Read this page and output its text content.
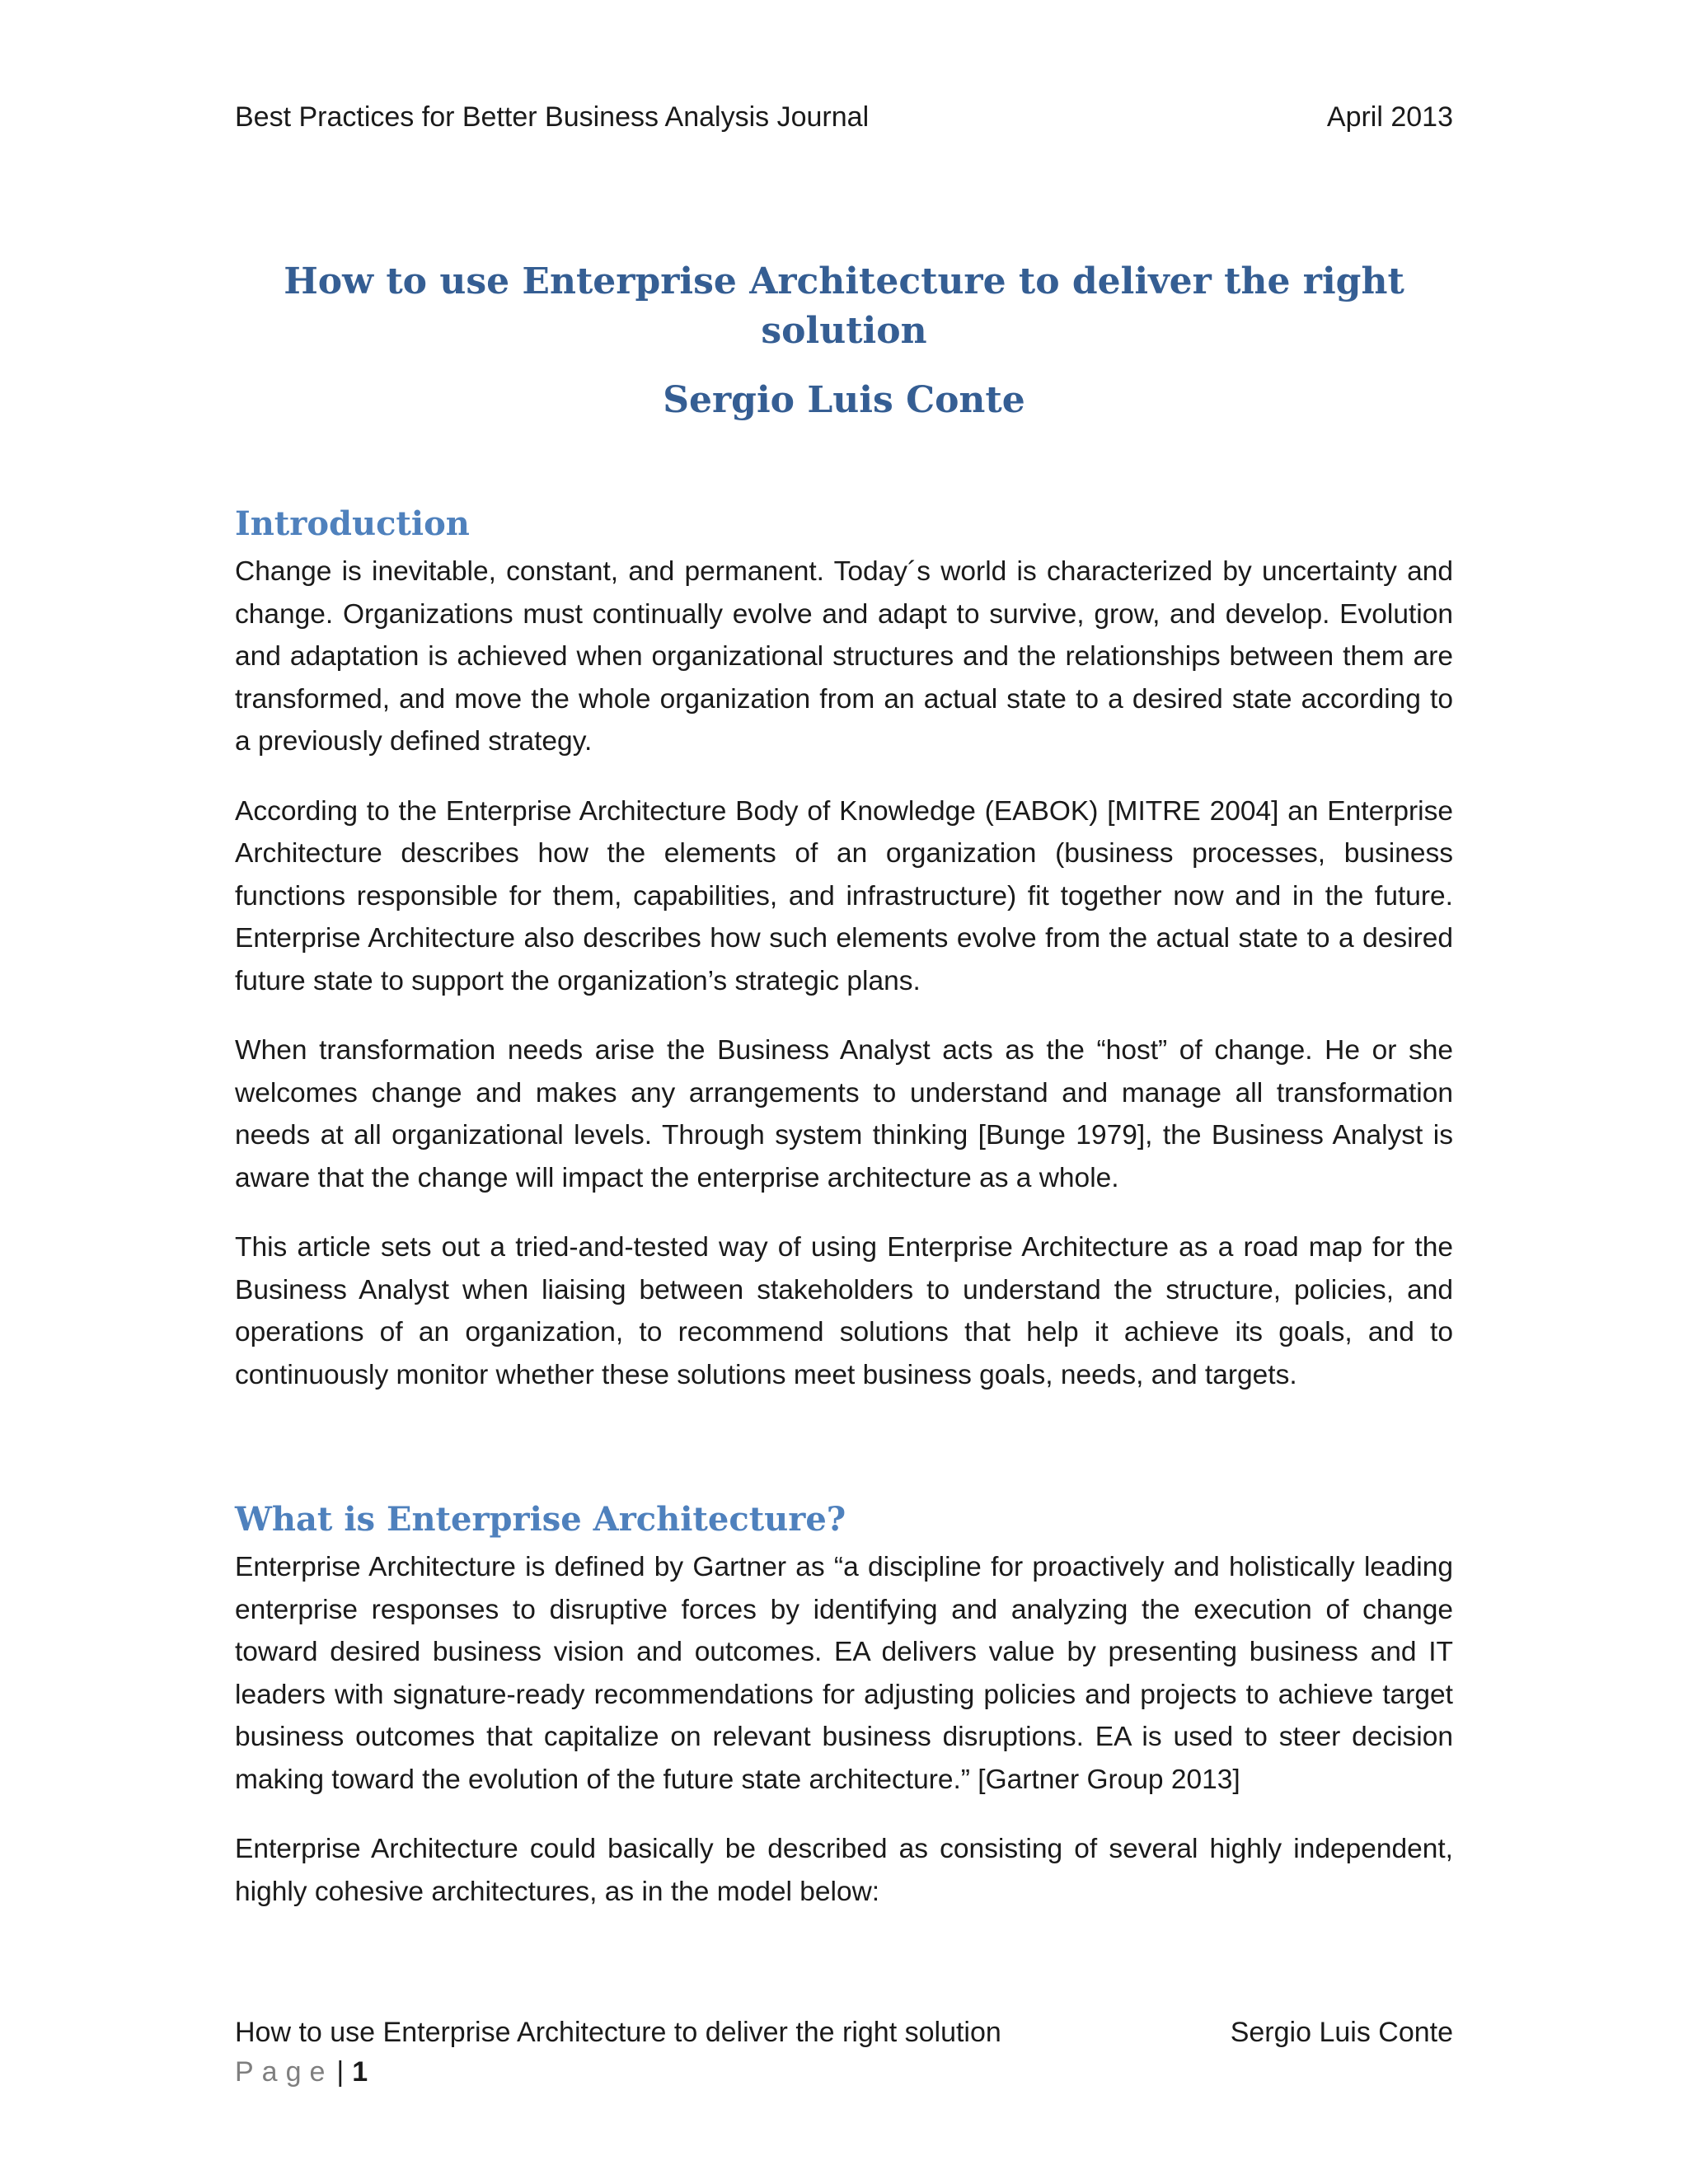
Best Practices for Better Business Analysis Journal	April 2013
How to use Enterprise Architecture to deliver the right solution
Sergio Luis Conte
Introduction

Change is inevitable, constant, and permanent. Today´s world is characterized by uncertainty and change. Organizations must continually evolve and adapt to survive, grow, and develop. Evolution and adaptation is achieved when organizational structures and the relationships between them are transformed, and move the whole organization from an actual state to a desired state according to a previously defined strategy.

According to the Enterprise Architecture Body of Knowledge (EABOK) [MITRE 2004] an Enterprise Architecture describes how the elements of an organization (business processes, business functions responsible for them, capabilities, and infrastructure) fit together now and in the future. Enterprise Architecture also describes how such elements evolve from the actual state to a desired future state to support the organization’s strategic plans.

When transformation needs arise the Business Analyst acts as the “host” of change. He or she welcomes change and makes any arrangements to understand and manage all transformation needs at all organizational levels. Through system thinking [Bunge 1979], the Business Analyst is aware that the change will impact the enterprise architecture as a whole.

This article sets out a tried-and-tested way of using Enterprise Architecture as a road map for the Business Analyst when liaising between stakeholders to understand the structure, policies, and operations of an organization, to recommend solutions that help it achieve its goals, and to continuously monitor whether these solutions meet business goals, needs, and targets.

What is Enterprise Architecture?

Enterprise Architecture is defined by Gartner as “a discipline for proactively and holistically leading enterprise responses to disruptive forces by identifying and analyzing the execution of change toward desired business vision and outcomes. EA delivers value by presenting business and IT leaders with signature-ready recommendations for adjusting policies and projects to achieve target business outcomes that capitalize on relevant business disruptions. EA is used to steer decision making toward the evolution of the future state architecture.” [Gartner Group 2013]

Enterprise Architecture could basically be described as consisting of several highly independent, highly cohesive architectures, as in the model below:

How to use Enterprise Architecture to deliver the right solution	Sergio Luis Conte
Page | 1
